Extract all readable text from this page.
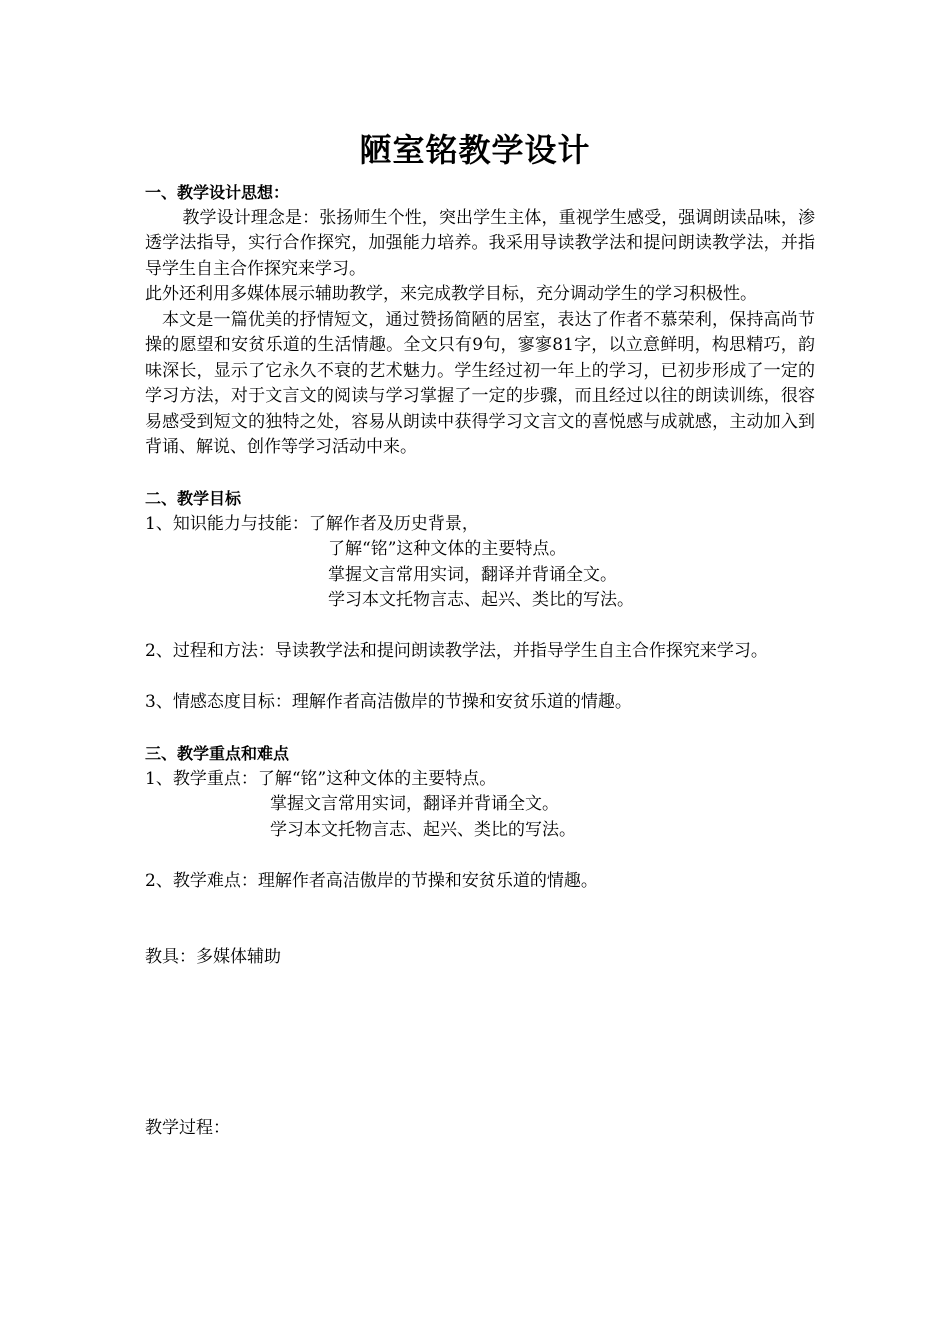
陋室铭教学设计

一、教学设计思想：

教学设计理念是：张扬师生个性，突出学生主体，重视学生感受，强调朗读品味，渗透学法指导，实行合作探究，加强能力培养。我采用导读教学法和提问朗读教学法，并指导学生自主合作探究来学习。

此外还利用多媒体展示辅助教学，来完成教学目标，充分调动学生的学习积极性。

本文是一篇优美的抒情短文，通过赞扬简陋的居室，表达了作者不慕荣利，保持高尚节操的愿望和安贫乐道的生活情趣。全文只有9句，寥寥81字，以立意鲜明，构思精巧，韵味深长，显示了它永久不衰的艺术魅力。学生经过初一年上的学习，已初步形成了一定的学习方法，对于文言文的阅读与学习掌握了一定的步骤，而且经过以往的朗读训练，很容易感受到短文的独特之处，容易从朗读中获得学习文言文的喜悦感与成就感，主动加入到背诵、解说、创作等学习活动中来。

二、教学目标

1、知识能力与技能： 了解作者及历史背景，

了解“铭”这种文体的主要特点。

掌握文言常用实词，翻译并背诵全文。

学习本文托物言志、起兴、类比的写法。

2、过程和方法：导读教学法和提问朗读教学法，并指导学生自主合作探究来学习。

3、情感态度目标：理解作者高洁傲岸的节操和安贫乐道的情趣。

三、教学重点和难点

1、教学重点： 了解“铭”这种文体的主要特点。

掌握文言常用实词，翻译并背诵全文。

学习本文托物言志、起兴、类比的写法。

2、教学难点：理解作者高洁傲岸的节操和安贫乐道的情趣。

教具：多媒体辅助

教学过程：
